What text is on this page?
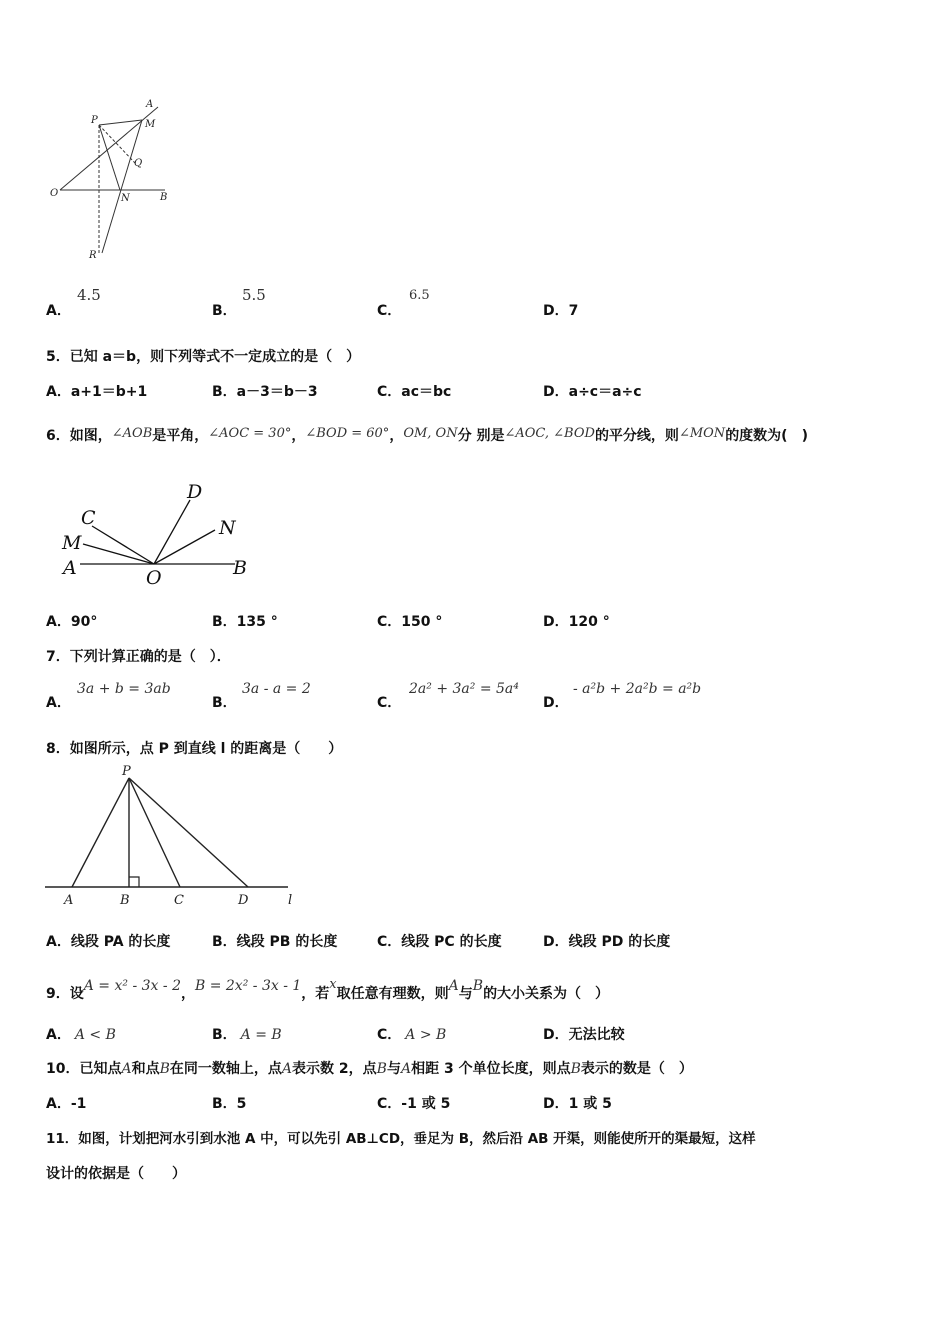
P
A
M
Q
O	N	B
R
A．
4.5
B．
5.5
C．
6.5
D．7
5．已知 a＝b，则下列等式不一定成立的是（　）
A．a+1＝b+1	B．a－3＝b－3	C．ac＝bc	D．a÷c＝a÷c
6．如图，∠AOB是平角，∠AOC = 30°，∠BOD = 60°，OM, ON分 别是∠AOC, ∠BOD的平分线，则∠MON的度数为(　)
D
C	N
M
A	O	B
A．90°	B．135 °	C．150 °	D．120 °
7．下列计算正确的是（　）．
A．
3a + b = 3ab
B．
3a - a = 2
C．
2a² + 3a² = 5a⁴
D．
- a²b + 2a²b = a²b
8．如图所示，点 P 到直线 l 的距离是（　　）
P
A	B	C	D	l
A．线段 PA 的长度	B．线段 PB 的长度	C．线段 PC 的长度	D．线段 PD 的长度
9．设A = x² - 3x - 2，B = 2x² - 3x - 1，若x取任意有理数，则A与B的大小关系为（　）
A． A < B	B． A = B	C． A > B	D．无法比较
10．已知点A和点B在同一数轴上，点A表示数 2，点B与A相距 3 个单位长度，则点B表示的数是（　）
A．-1	B．5	C．-1 或 5	D．1 或 5
11．如图，计划把河水引到水池 A 中，可以先引 AB⊥CD，垂足为 B，然后沿 AB 开渠，则能使所开的渠最短，这样
设计的依据是（　　）
